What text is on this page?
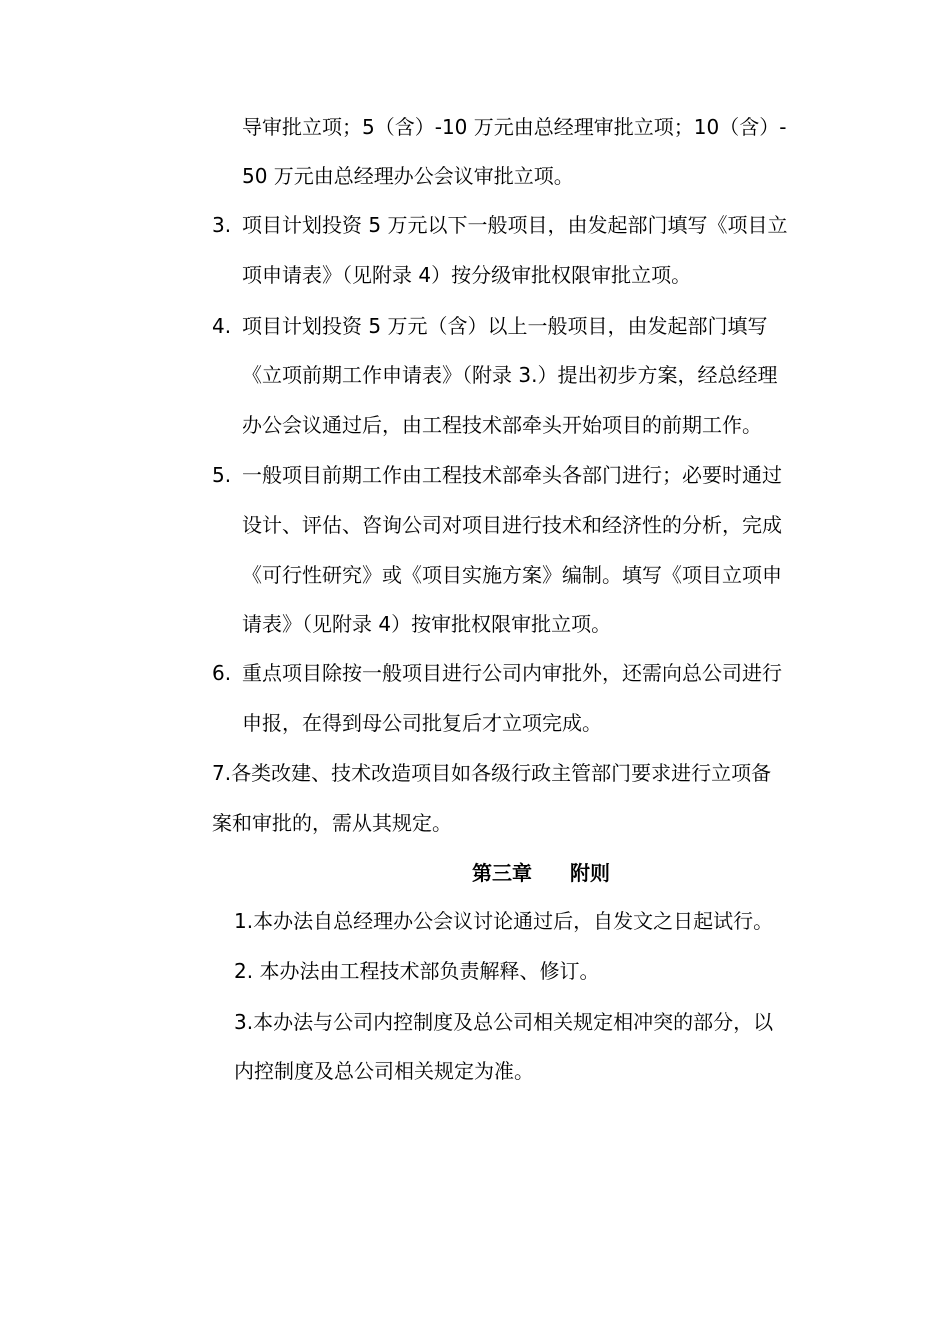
导审批立项；5（含）-10 万元由总经理审批立项；10（含）-
50 万元由总经理办公会议审批立项。
3. 项目计划投资 5 万元以下一般项目，由发起部门填写《项目立
项申请表》（见附录 4）按分级审批权限审批立项。
4. 项目计划投资 5 万元（含）以上一般项目，由发起部门填写
《立项前期工作申请表》（附录 3.）提出初步方案，经总经理
办公会议通过后，由工程技术部牵头开始项目的前期工作。
5. 一般项目前期工作由工程技术部牵头各部门进行；必要时通过
设计、评估、咨询公司对项目进行技术和经济性的分析，完成
《可行性研究》或《项目实施方案》编制。填写《项目立项申
请表》（见附录 4）按审批权限审批立项。
6. 重点项目除按一般项目进行公司内审批外，还需向总公司进行
申报，在得到母公司批复后才立项完成。
7.各类改建、技术改造项目如各级行政主管部门要求进行立项备
案和审批的，需从其规定。
第三章 附则
1.本办法自总经理办公会议讨论通过后，自发文之日起试行。
2. 本办法由工程技术部负责解释、修订。
3.本办法与公司内控制度及总公司相关规定相冲突的部分，以
内控制度及总公司相关规定为准。
